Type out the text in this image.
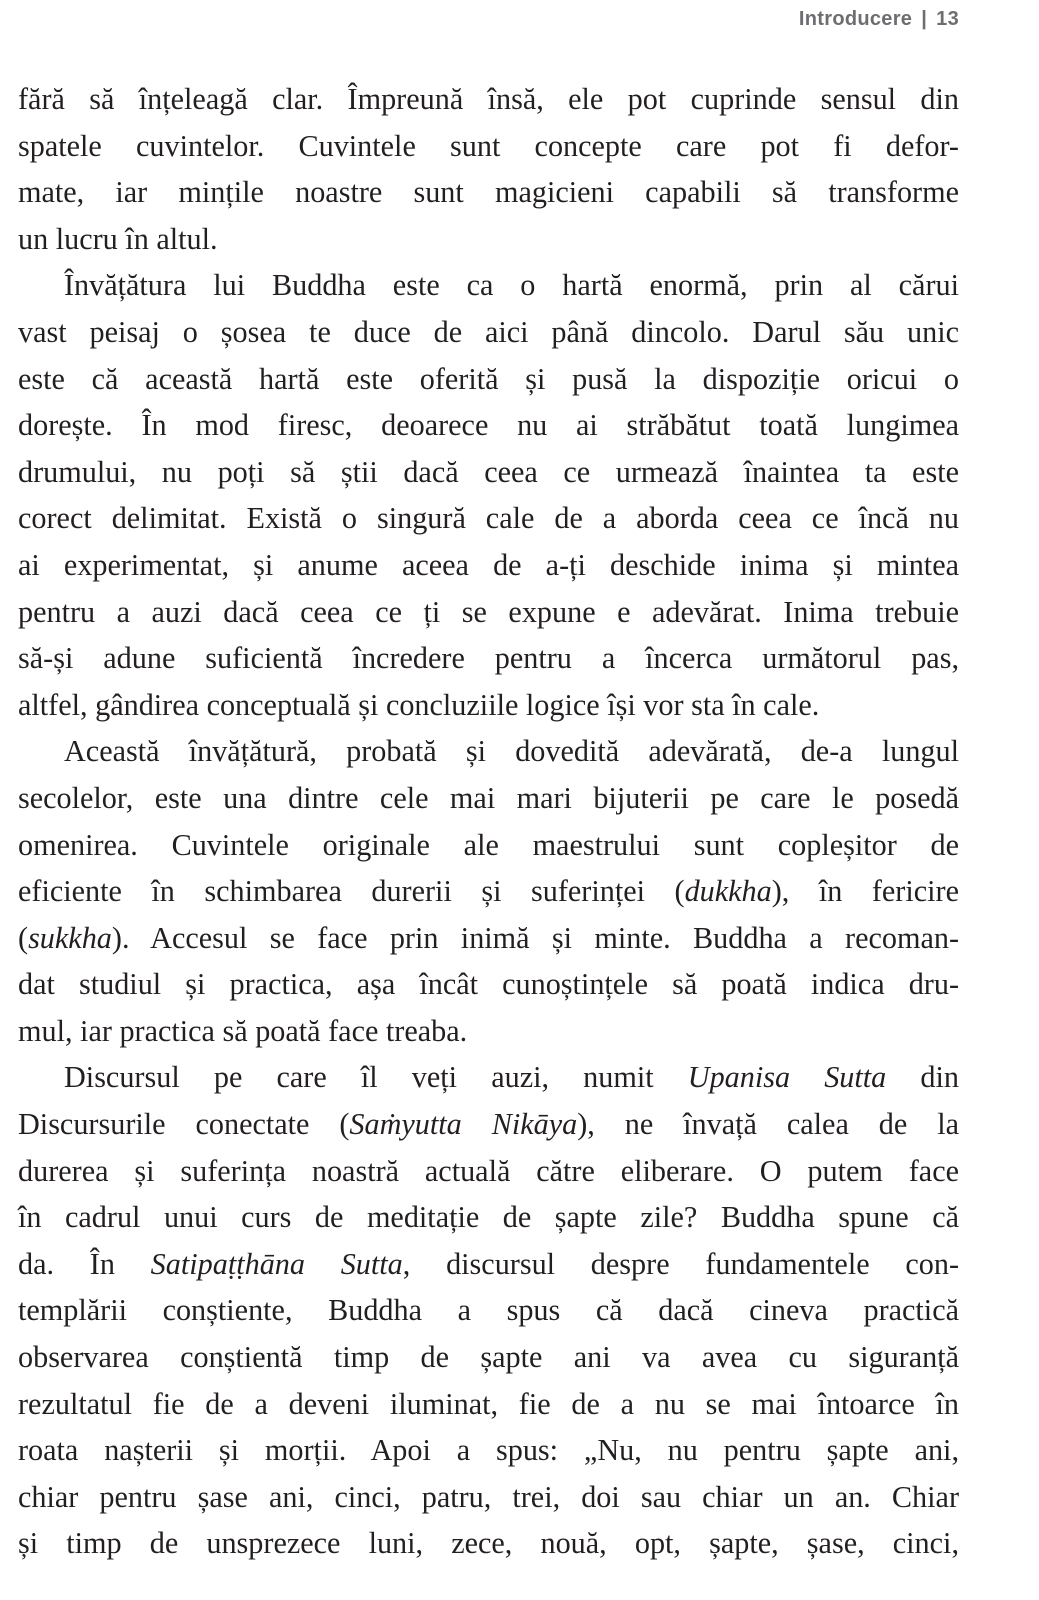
Introducere | 13

fără să înțeleagă clar. Împreună însă, ele pot cuprinde sensul din

spatele cuvintelor. Cuvintele sunt concepte care pot fi defor-

mate, iar mințile noastre sunt magicieni capabili să transforme

un lucru în altul.

Învățătura lui Buddha este ca o hartă enormă, prin al cărui

vast peisaj o șosea te duce de aici până dincolo. Darul său unic

este că această hartă este oferită și pusă la dispoziție oricui o

dorește. În mod firesc, deoarece nu ai străbătut toată lungimea

drumului, nu poți să știi dacă ceea ce urmează înaintea ta este

corect delimitat. Există o singură cale de a aborda ceea ce încă nu

ai experimentat, și anume aceea de a-ți deschide inima și mintea

pentru a auzi dacă ceea ce ți se expune e adevărat. Inima trebuie

să-și adune suficientă încredere pentru a încerca următorul pas,

altfel, gândirea conceptuală și concluziile logice își vor sta în cale.

Această învățătură, probată și dovedită adevărată, de-a lungul

secolelor, este una dintre cele mai mari bijuterii pe care le posedă

omenirea. Cuvintele originale ale maestrului sunt copleșitor de

eficiente în schimbarea durerii și suferinței (dukkha), în fericire

(sukkha). Accesul se face prin inimă și minte. Buddha a recoman-

dat studiul și practica, așa încât cunoștințele să poată indica dru-

mul, iar practica să poată face treaba.

Discursul pe care îl veți auzi, numit Upanisa Sutta din

Discursurile conectate (Saṁyutta Nikāya), ne învață calea de la

durerea și suferința noastră actuală către eliberare. O putem face

în cadrul unui curs de meditație de șapte zile? Buddha spune că

da. În Satipaṭṭhāna Sutta, discursul despre fundamentele con-

templării conștiente, Buddha a spus că dacă cineva practică

observarea conștientă timp de șapte ani va avea cu siguranță

rezultatul fie de a deveni iluminat, fie de a nu se mai întoarce în

roata nașterii și morții. Apoi a spus: „Nu, nu pentru șapte ani,

chiar pentru șase ani, cinci, patru, trei, doi sau chiar un an. Chiar

și timp de unsprezece luni, zece, nouă, opt, șapte, șase, cinci,
